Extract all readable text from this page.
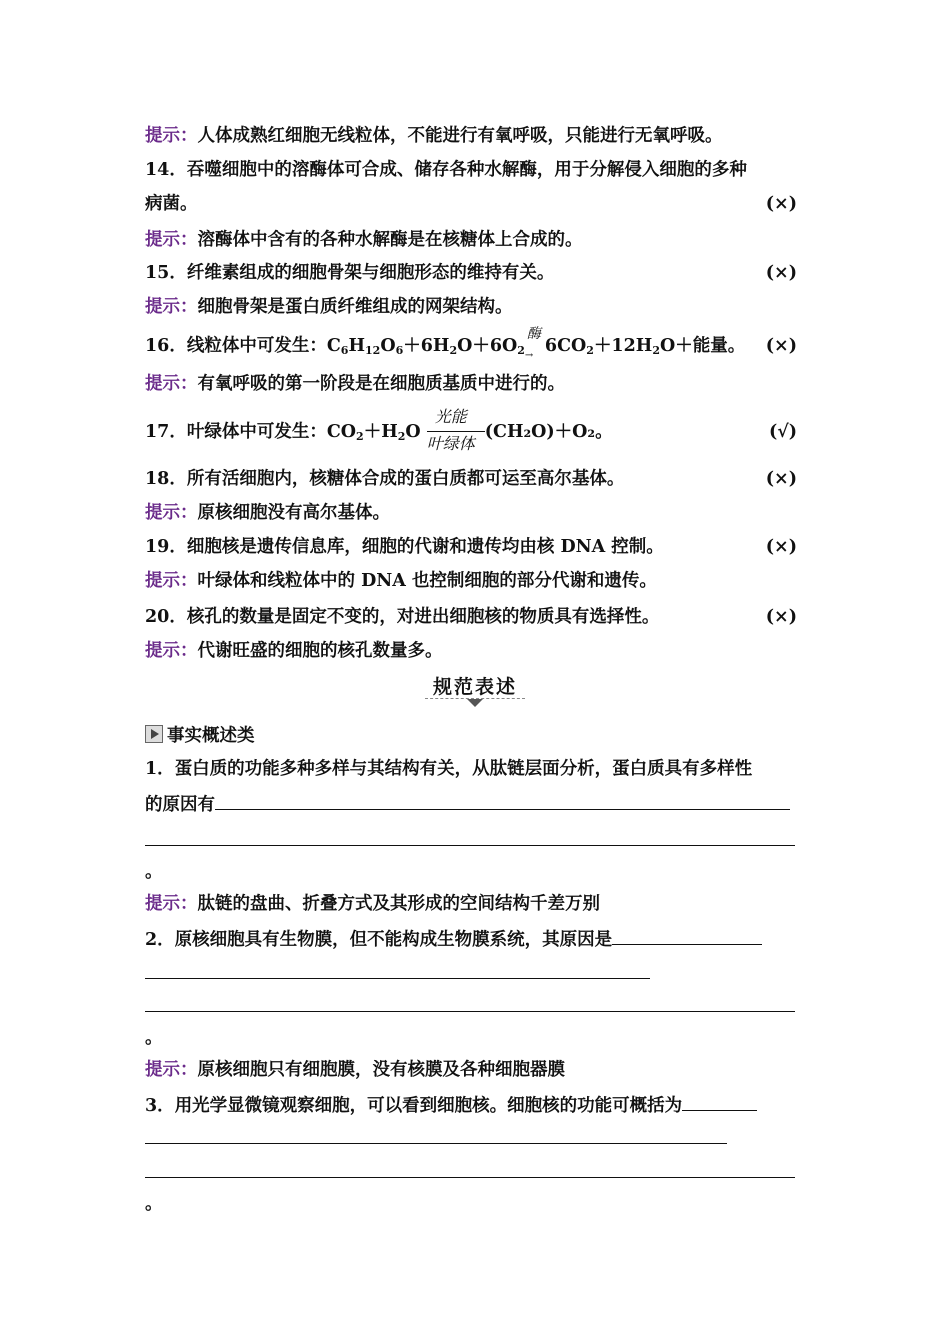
提示：人体成熟红细胞无线粒体，不能进行有氧呼吸，只能进行无氧呼吸。
14．吞噬细胞中的溶酶体可合成、储存各种水解酶，用于分解侵入细胞的多种
病菌。	(×)
提示：溶酶体中含有的各种水解酶是在核糖体上合成的。
15．纤维素组成的细胞骨架与细胞形态的维持有关。	(×)
提示：细胞骨架是蛋白质纤维组成的网架结构。
16．线粒体中可发生：$C_6H_{12}O_6+6H_2O+6O_2$
酶
→ $6CO_2+12H_2O+$能量。 (×)
提示：有氧呼吸的第一阶段是在细胞质基质中进行的。
17．叶绿体中可发生：$CO_2+H_2O$
光能
叶绿体
(CH₂O)＋O₂。	(√)
18．所有活细胞内，核糖体合成的蛋白质都可运至高尔基体。	(×)
提示：原核细胞没有高尔基体。
19．细胞核是遗传信息库，细胞的代谢和遗传均由核 DNA 控制。	(×)
提示：叶绿体和线粒体中的 DNA 也控制细胞的部分代谢和遗传。
20．核孔的数量是固定不变的，对进出细胞核的物质具有选择性。	(×)
提示：代谢旺盛的细胞的核孔数量多。
规范表述
事实概述类
1．蛋白质的功能多种多样与其结构有关，从肽链层面分析，蛋白质具有多样性
的原因有
。
提示：肽链的盘曲、折叠方式及其形成的空间结构千差万别
2．原核细胞具有生物膜，但不能构成生物膜系统，其原因是
。
提示：原核细胞只有细胞膜，没有核膜及各种细胞器膜
3．用光学显微镜观察细胞，可以看到细胞核。细胞核的功能可概括为
。
